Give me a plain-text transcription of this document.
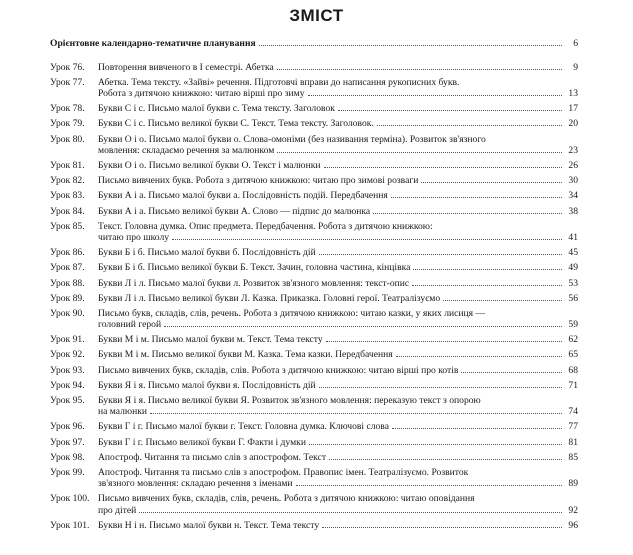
ЗМІСТ
Орієнтовне календарно-тематичне планування	6
Урок 76.	Повторення вивченого в І семестрі. Абетка	9
Урок 77.	Абетка. Тема тексту. «Зайві» речення. Підготовчі вправи до написання рукописних букв.
Робота з дитячою книжкою: читаю вірші про зиму	13
Урок 78.	Букви С і с. Письмо малої букви с. Тема тексту. Заголовок	17
Урок 79.	Букви С і с. Письмо великої букви С. Текст. Тема тексту. Заголовок.	20
Урок 80.	Букви О і о. Письмо малої букви о. Слова-омоніми (без називання терміна). Розвиток зв'язного
мовлення: складаємо речення за малюнком	23
Урок 81.	Букви О і о. Письмо великої букви О. Текст і малюнки	26
Урок 82.	Письмо вивчених букв. Робота з дитячою книжкою: читаю про зимові розваги	30
Урок 83.	Букви А і а. Письмо малої букви а. Послідовність подій. Передбачення	34
Урок 84.	Букви А і а. Письмо великої букви А. Слово — підпис до малюнка	38
Урок 85.	Текст. Головна думка. Опис предмета. Передбачення. Робота з дитячою книжкою:
читаю про школу	41
Урок 86.	Букви Б і б. Письмо малої букви б. Послідовність дій	45
Урок 87.	Букви Б і б. Письмо великої букви Б. Текст. Зачин, головна частина, кінцівка	49
Урок 88.	Букви Л і л. Письмо малої букви л. Розвиток зв'язного мовлення: текст-опис	53
Урок 89.	Букви Л і л. Письмо великої букви Л. Казка. Приказка. Головні герої. Театралізуємо	56
Урок 90.	Письмо букв, складів, слів, речень. Робота з дитячою книжкою: читаю казки, у яких лисиця —
головний герой	59
Урок 91.	Букви М і м. Письмо малої букви м. Текст. Тема тексту	62
Урок 92.	Букви М і м. Письмо великої букви М. Казка. Тема казки. Передбачення	65
Урок 93.	Письмо вивчених букв, складів, слів. Робота з дитячою книжкою: читаю вірші про котів	68
Урок 94.	Букви Я і я. Письмо малої букви я. Послідовність дій	71
Урок 95.	Букви Я і я. Письмо великої букви Я. Розвиток зв'язного мовлення: переказую текст з опорою
на малюнки	74
Урок 96.	Букви Г і г. Письмо малої букви г. Текст. Головна думка. Ключові слова	77
Урок 97.	Букви Г і г. Письмо великої букви Г. Факти і думки	81
Урок 98.	Апостроф. Читання та письмо слів з апострофом. Текст	85
Урок 99.	Апостроф. Читання та письмо слів з апострофом. Правопис імен. Театралізуємо. Розвиток
зв'язного мовлення: складаю речення з іменами	89
Урок 100. Письмо вивчених букв, складів, слів, речень. Робота з дитячою книжкою: читаю оповідання
про дітей	92
Урок 101. Букви Н і н. Письмо малої букви н. Текст. Тема тексту	96
